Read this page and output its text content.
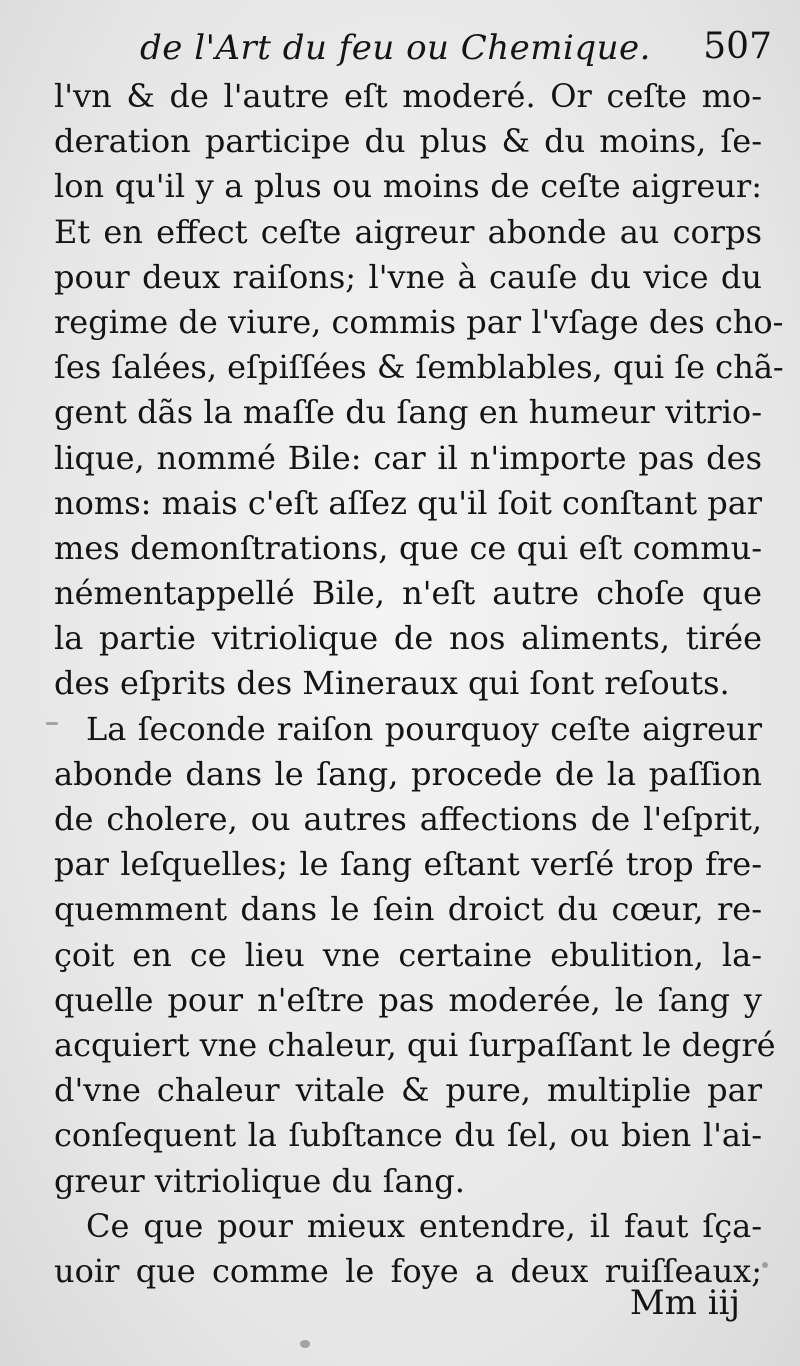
de l'Art du feu ou Chemique. 507
l'vn & de l'autre eſt moderé. Or ceſte mo-
deration participe du plus & du moins, ſe-
lon qu'il y a plus ou moins de ceſte aigreur:
Et en effect ceſte aigreur abonde au corps
pour deux raiſons; l'vne à cauſe du vice du
regime de viure, commis par l'vſage des cho-
ſes ſalées, eſpiſſées & ſemblables, qui ſe chã-
gent dãs la maſſe du ſang en humeur vitrio-
lique, nommé Bile: car il n'importe pas des
noms: mais c'eſt aſſez qu'il ſoit conſtant par
mes demonſtrations, que ce qui eſt commu-
némentappellé Bile, n'eſt autre choſe que
la partie vitriolique de nos aliments, tirée
des eſprits des Mineraux qui ſont reſouts.
La ſeconde raiſon pourquoy ceſte aigreur
abonde dans le ſang, procede de la paſſion
de cholere, ou autres affections de l'eſprit,
par leſquelles; le ſang eſtant verſé trop fre-
quemment dans le ſein droict du cœur, re-
çoit en ce lieu vne certaine ebulition, la-
quelle pour n'eſtre pas moderée, le ſang y
acquiert vne chaleur, qui ſurpaſſant le degré
d'vne chaleur vitale & pure, multiplie par
conſequent la ſubſtance du ſel, ou bien l'ai-
greur vitriolique du ſang.
Ce que pour mieux entendre, il faut ſça-
uoir que comme le foye a deux ruiſſeaux;
Mm iij
